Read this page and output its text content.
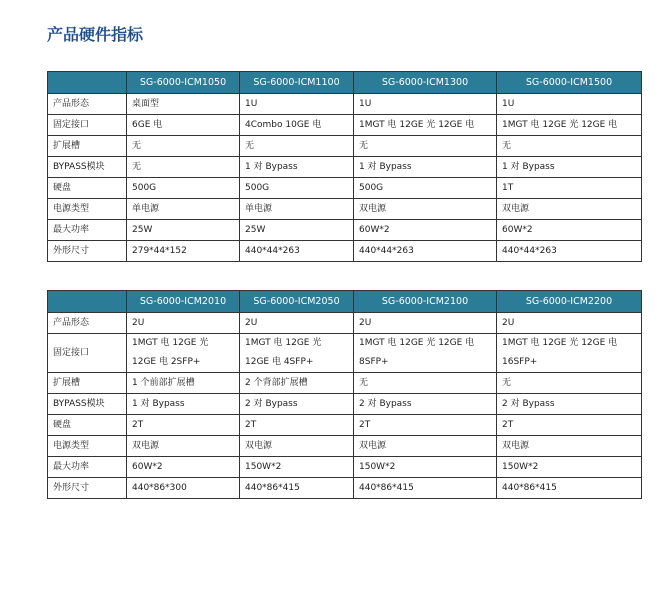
产品硬件指标
	SG-6000-ICM1050	SG-6000-ICM1100	SG-6000-ICM1300	SG-6000-ICM1500
产品形态	桌面型	1U	1U	1U
固定接口	6GE 电	4Combo 10GE 电	1MGT 电 12GE 光 12GE 电	1MGT 电 12GE 光 12GE 电
扩展槽	无	无	无	无
BYPASS模块	无	1 对 Bypass	1 对 Bypass	1 对 Bypass
硬盘	500G	500G	500G	1T
电源类型	单电源	单电源	双电源	双电源
最大功率	25W	25W	60W*2	60W*2
外形尺寸	279*44*152	440*44*263	440*44*263	440*44*263
	SG-6000-ICM2010	SG-6000-ICM2050	SG-6000-ICM2100	SG-6000-ICM2200
产品形态	2U	2U	2U	2U
固定接口	1MGT 电 12GE 光 12GE 电 2SFP+	1MGT 电 12GE 光 12GE 电 4SFP+	1MGT 电 12GE 光 12GE 电 8SFP+	1MGT 电 12GE 光 12GE 电 16SFP+
扩展槽	1 个前部扩展槽	2 个背部扩展槽	无	无
BYPASS模块	1 对 Bypass	2 对 Bypass	2 对 Bypass	2 对 Bypass
硬盘	2T	2T	2T	2T
电源类型	双电源	双电源	双电源	双电源
最大功率	60W*2	150W*2	150W*2	150W*2
外形尺寸	440*86*300	440*86*415	440*86*415	440*86*415
